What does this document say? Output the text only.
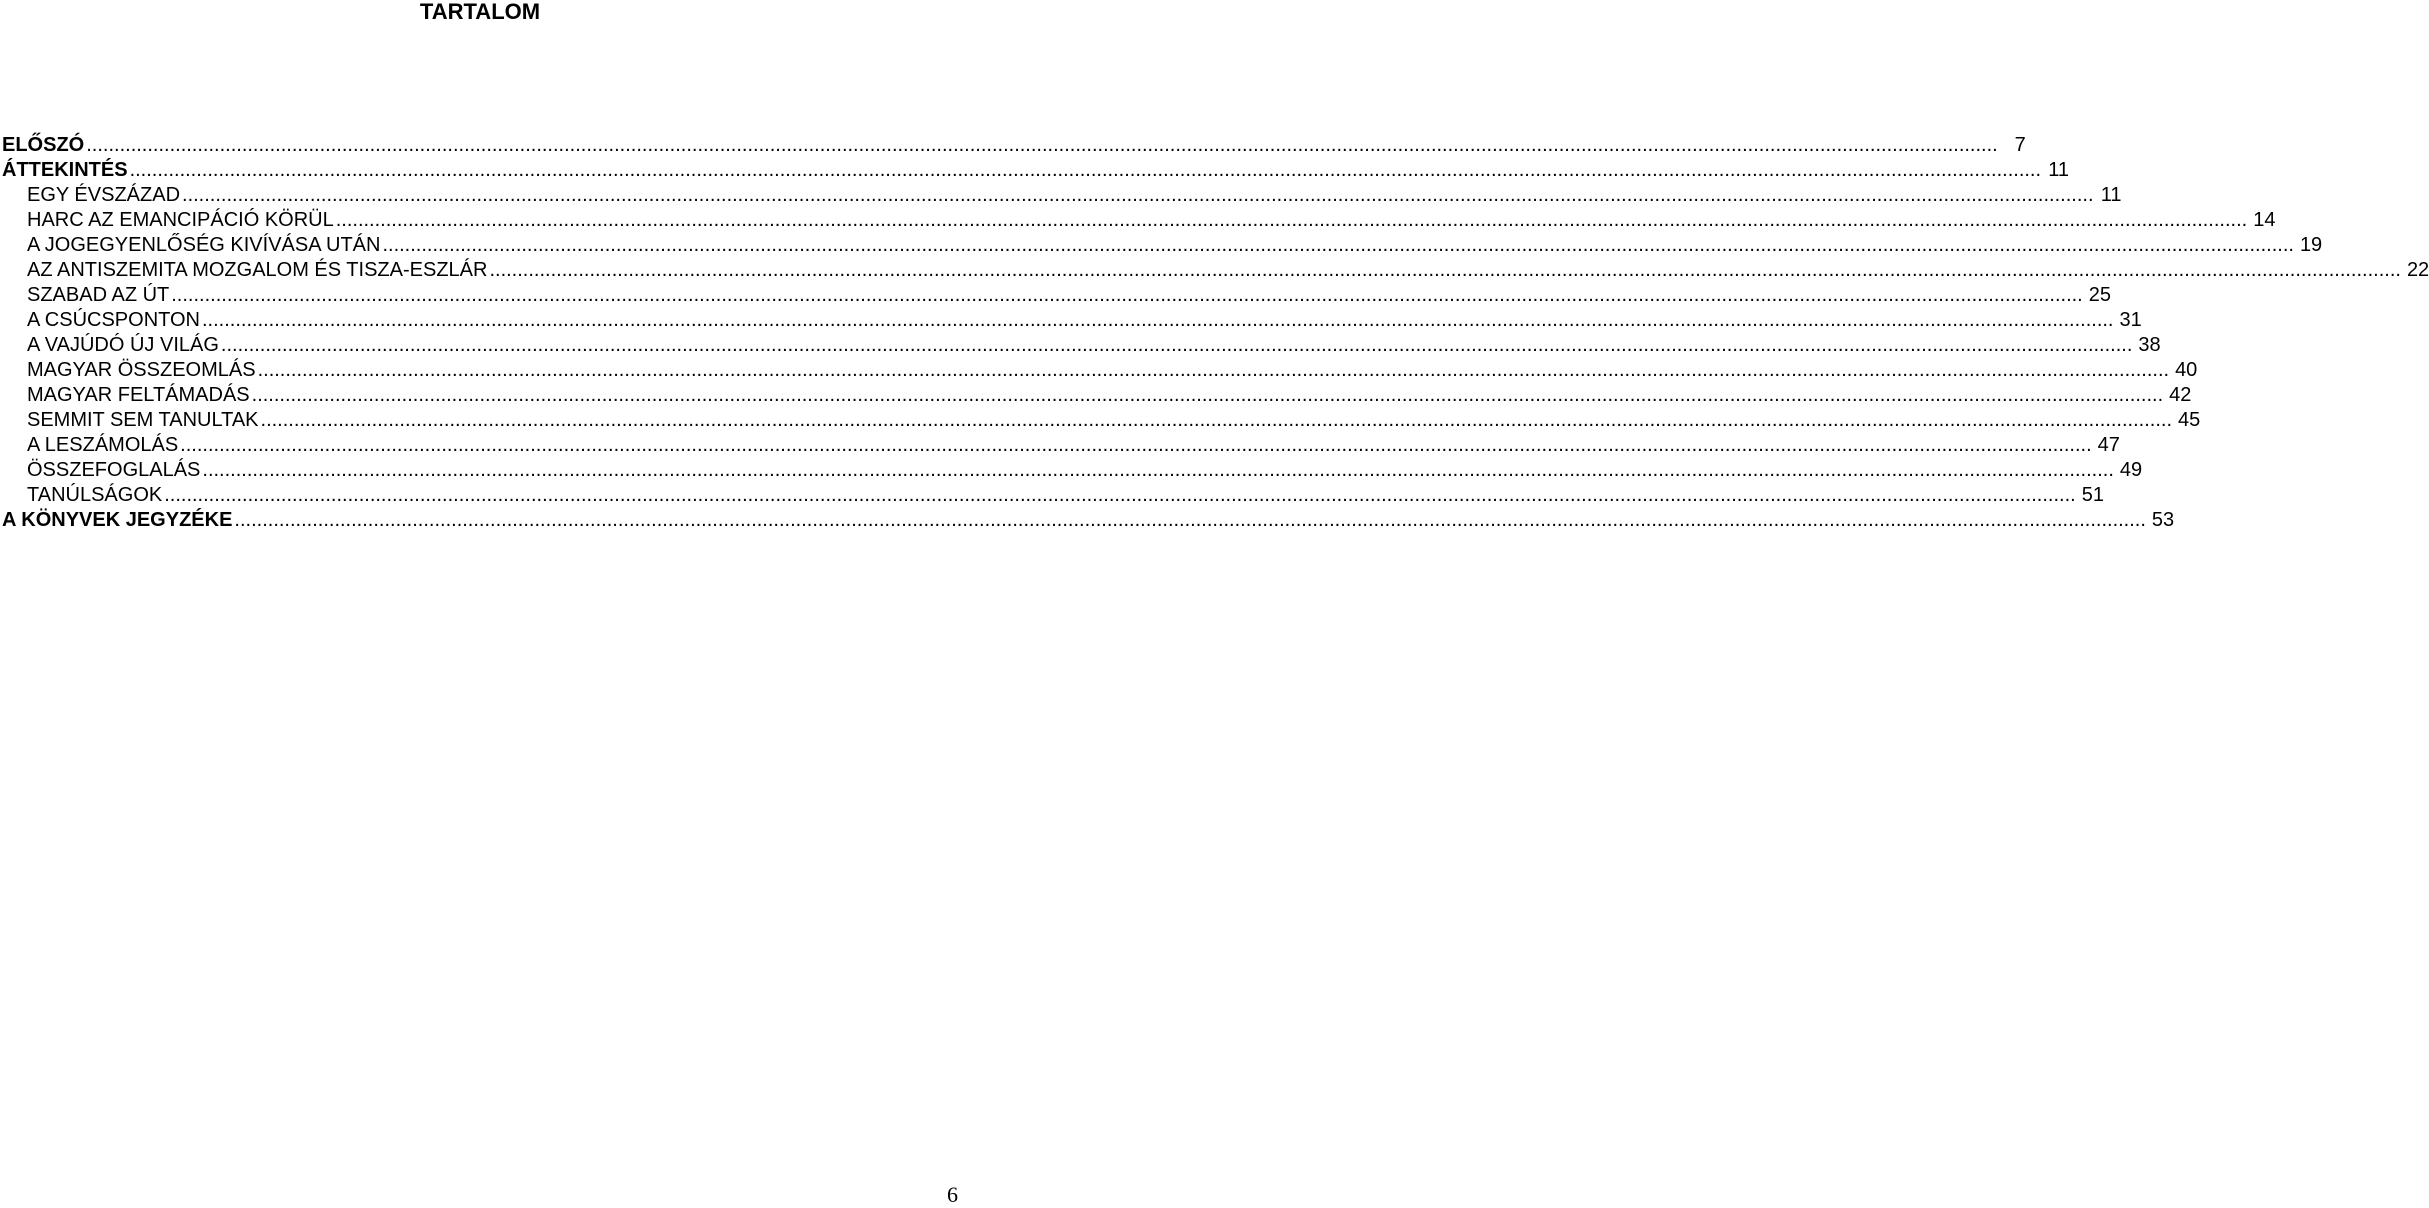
TARTALOM
ELŐSZÓ .....	7
ÁTTEKINTÉS .....	11
EGY ÉVSZÁZAD .....	11
HARC AZ EMANCIPÁCIÓ KÖRÜL .....	14
A JOGEGYENLŐSÉG KIVÍVÁSA UTÁN .....	19
AZ ANTISZEMITA MOZGALOM ÉS TISZA-ESZLÁR .....	22
SZABAD AZ ÚT .....	25
A CSÚCSPONTON .....	31
A VAJÚDÓ ÚJ VILÁG .....	38
MAGYAR ÖSSZEOMLÁS .....	40
MAGYAR FELTÁMADÁS .....	42
SEMMIT SEM TANULTAK .....	45
A LESZÁMOLÁS .....	47
ÖSSZEFOGLALÁS .....	49
TANÚLSÁGOK .....	51
A KÖNYVEK JEGYZÉKE .....	53
6
